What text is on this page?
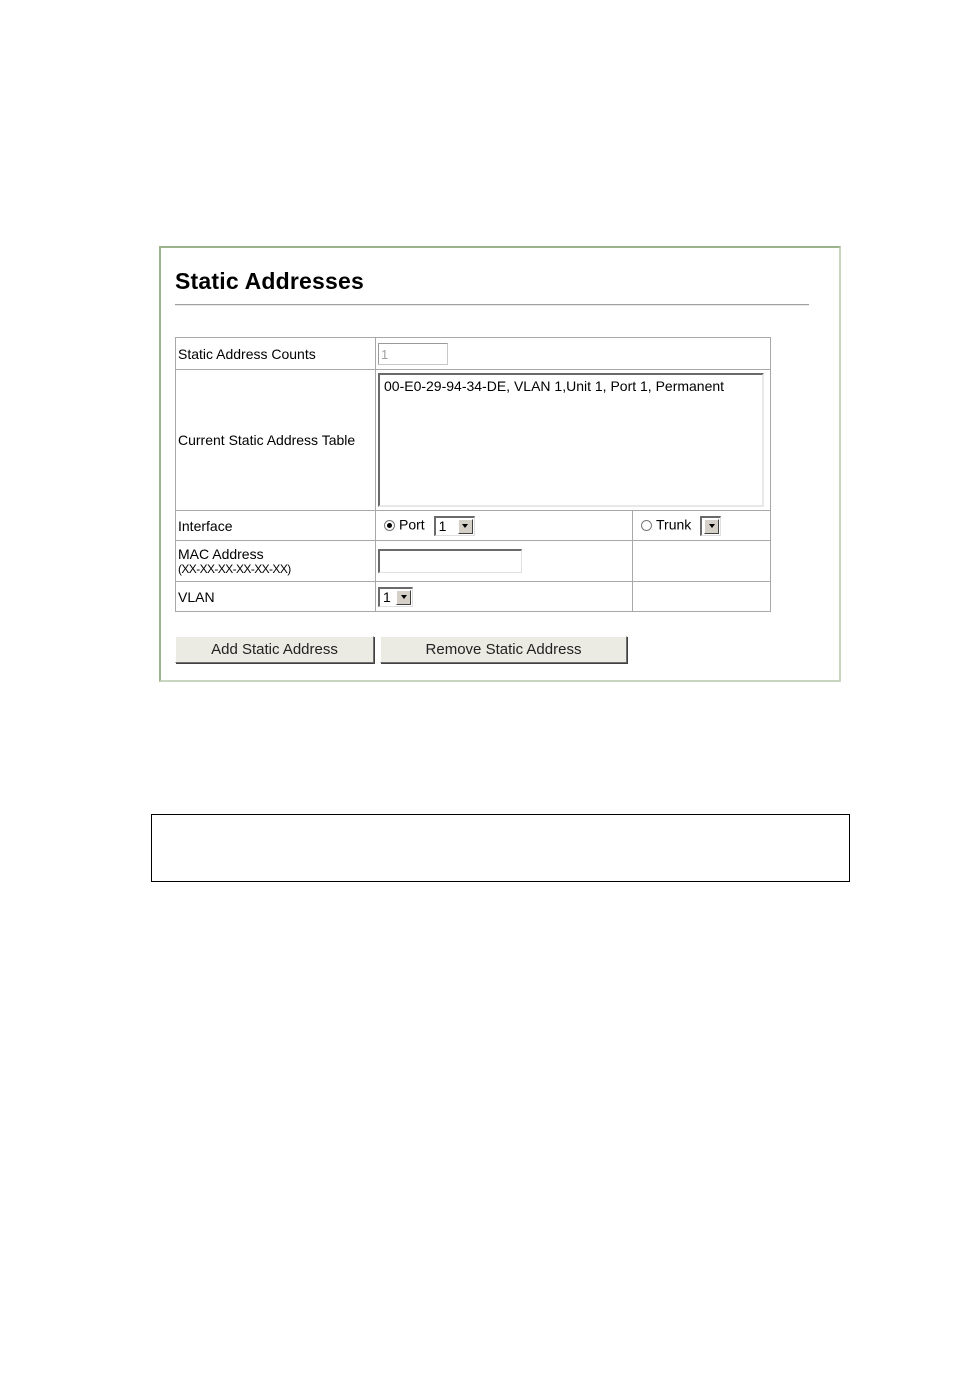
Static Addresses
Static Address Counts	1	
Current Static Address Table	00-E0-29-94-34-DE, VLAN 1,Unit 1, Port 1, Permanent	

Interface	Port 1	Trunk

MAC Address
(XX-XX-XX-XX-XX-XX)		

VLAN	1	

Add Static Address	Remove Static Address
